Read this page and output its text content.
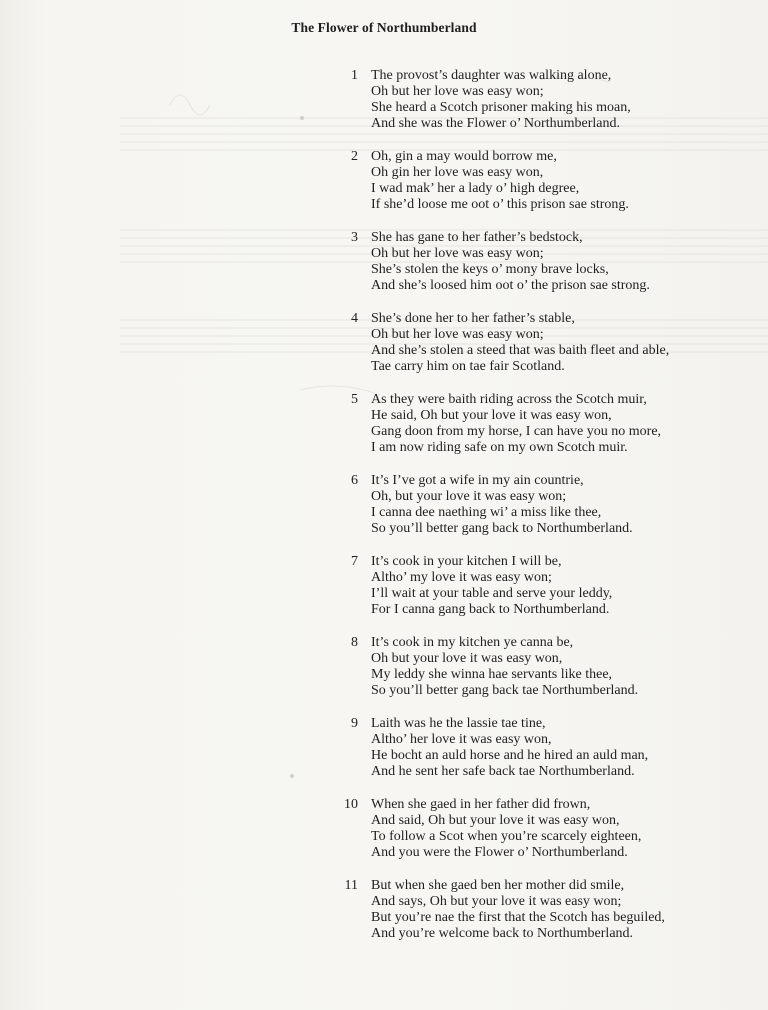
The Flower of Northumberland
1 The provost’s daughter was walking alone,
Oh but her love was easy won;
She heard a Scotch prisoner making his moan,
And she was the Flower o’ Northumberland.
2 Oh, gin a may would borrow me,
Oh gin her love was easy won,
I wad mak’ her a lady o’ high degree,
If she’d loose me oot o’ this prison sae strong.
3 She has gane to her father’s bedstock,
Oh but her love was easy won;
She’s stolen the keys o’ mony brave locks,
And she’s loosed him oot o’ the prison sae strong.
4 She’s done her to her father’s stable,
Oh but her love was easy won;
And she’s stolen a steed that was baith fleet and able,
Tae carry him on tae fair Scotland.
5 As they were baith riding across the Scotch muir,
He said, Oh but your love it was easy won,
Gang doon from my horse, I can have you no more,
I am now riding safe on my own Scotch muir.
6 It’s I’ve got a wife in my ain countrie,
Oh, but your love it was easy won;
I canna dee naething wi’ a miss like thee,
So you’ll better gang back to Northumberland.
7 It’s cook in your kitchen I will be,
Altho’ my love it was easy won;
I’ll wait at your table and serve your leddy,
For I canna gang back to Northumberland.
8 It’s cook in my kitchen ye canna be,
Oh but your love it was easy won,
My leddy she winna hae servants like thee,
So you’ll better gang back tae Northumberland.
9 Laith was he the lassie tae tine,
Altho’ her love it was easy won,
He bocht an auld horse and he hired an auld man,
And he sent her safe back tae Northumberland.
10 When she gaed in her father did frown,
And said, Oh but your love it was easy won,
To follow a Scot when you’re scarcely eighteen,
And you were the Flower o’ Northumberland.
11 But when she gaed ben her mother did smile,
And says, Oh but your love it was easy won;
But you’re nae the first that the Scotch has beguiled,
And you’re welcome back to Northumberland.
